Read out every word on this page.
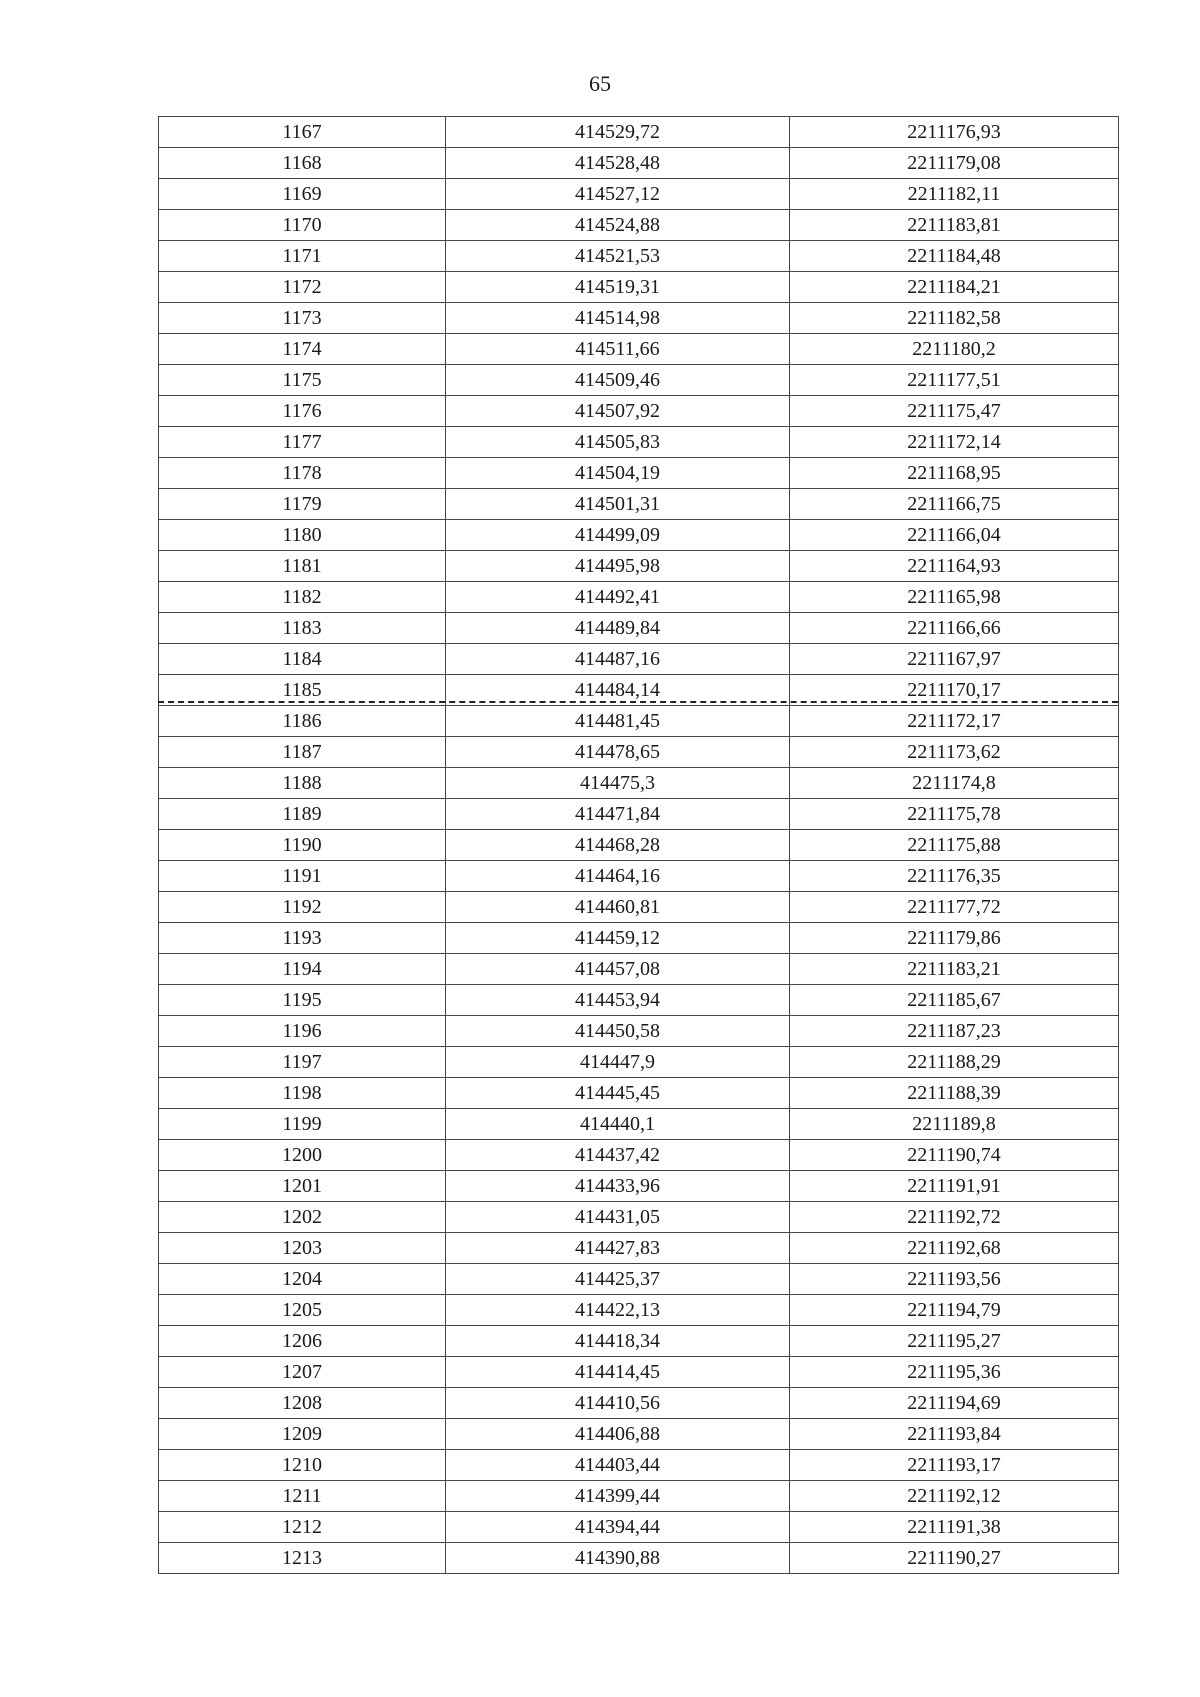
65
1167	414529,72	2211176,93
1168	414528,48	2211179,08
1169	414527,12	2211182,11
1170	414524,88	2211183,81
1171	414521,53	2211184,48
1172	414519,31	2211184,21
1173	414514,98	2211182,58
1174	414511,66	2211180,2
1175	414509,46	2211177,51
1176	414507,92	2211175,47
1177	414505,83	2211172,14
1178	414504,19	2211168,95
1179	414501,31	2211166,75
1180	414499,09	2211166,04
1181	414495,98	2211164,93
1182	414492,41	2211165,98
1183	414489,84	2211166,66
1184	414487,16	2211167,97
1185	414484,14	2211170,17
1186	414481,45	2211172,17
1187	414478,65	2211173,62
1188	414475,3	2211174,8
1189	414471,84	2211175,78
1190	414468,28	2211175,88
1191	414464,16	2211176,35
1192	414460,81	2211177,72
1193	414459,12	2211179,86
1194	414457,08	2211183,21
1195	414453,94	2211185,67
1196	414450,58	2211187,23
1197	414447,9	2211188,29
1198	414445,45	2211188,39
1199	414440,1	2211189,8
1200	414437,42	2211190,74
1201	414433,96	2211191,91
1202	414431,05	2211192,72
1203	414427,83	2211192,68
1204	414425,37	2211193,56
1205	414422,13	2211194,79
1206	414418,34	2211195,27
1207	414414,45	2211195,36
1208	414410,56	2211194,69
1209	414406,88	2211193,84
1210	414403,44	2211193,17
1211	414399,44	2211192,12
1212	414394,44	2211191,38
1213	414390,88	2211190,27
